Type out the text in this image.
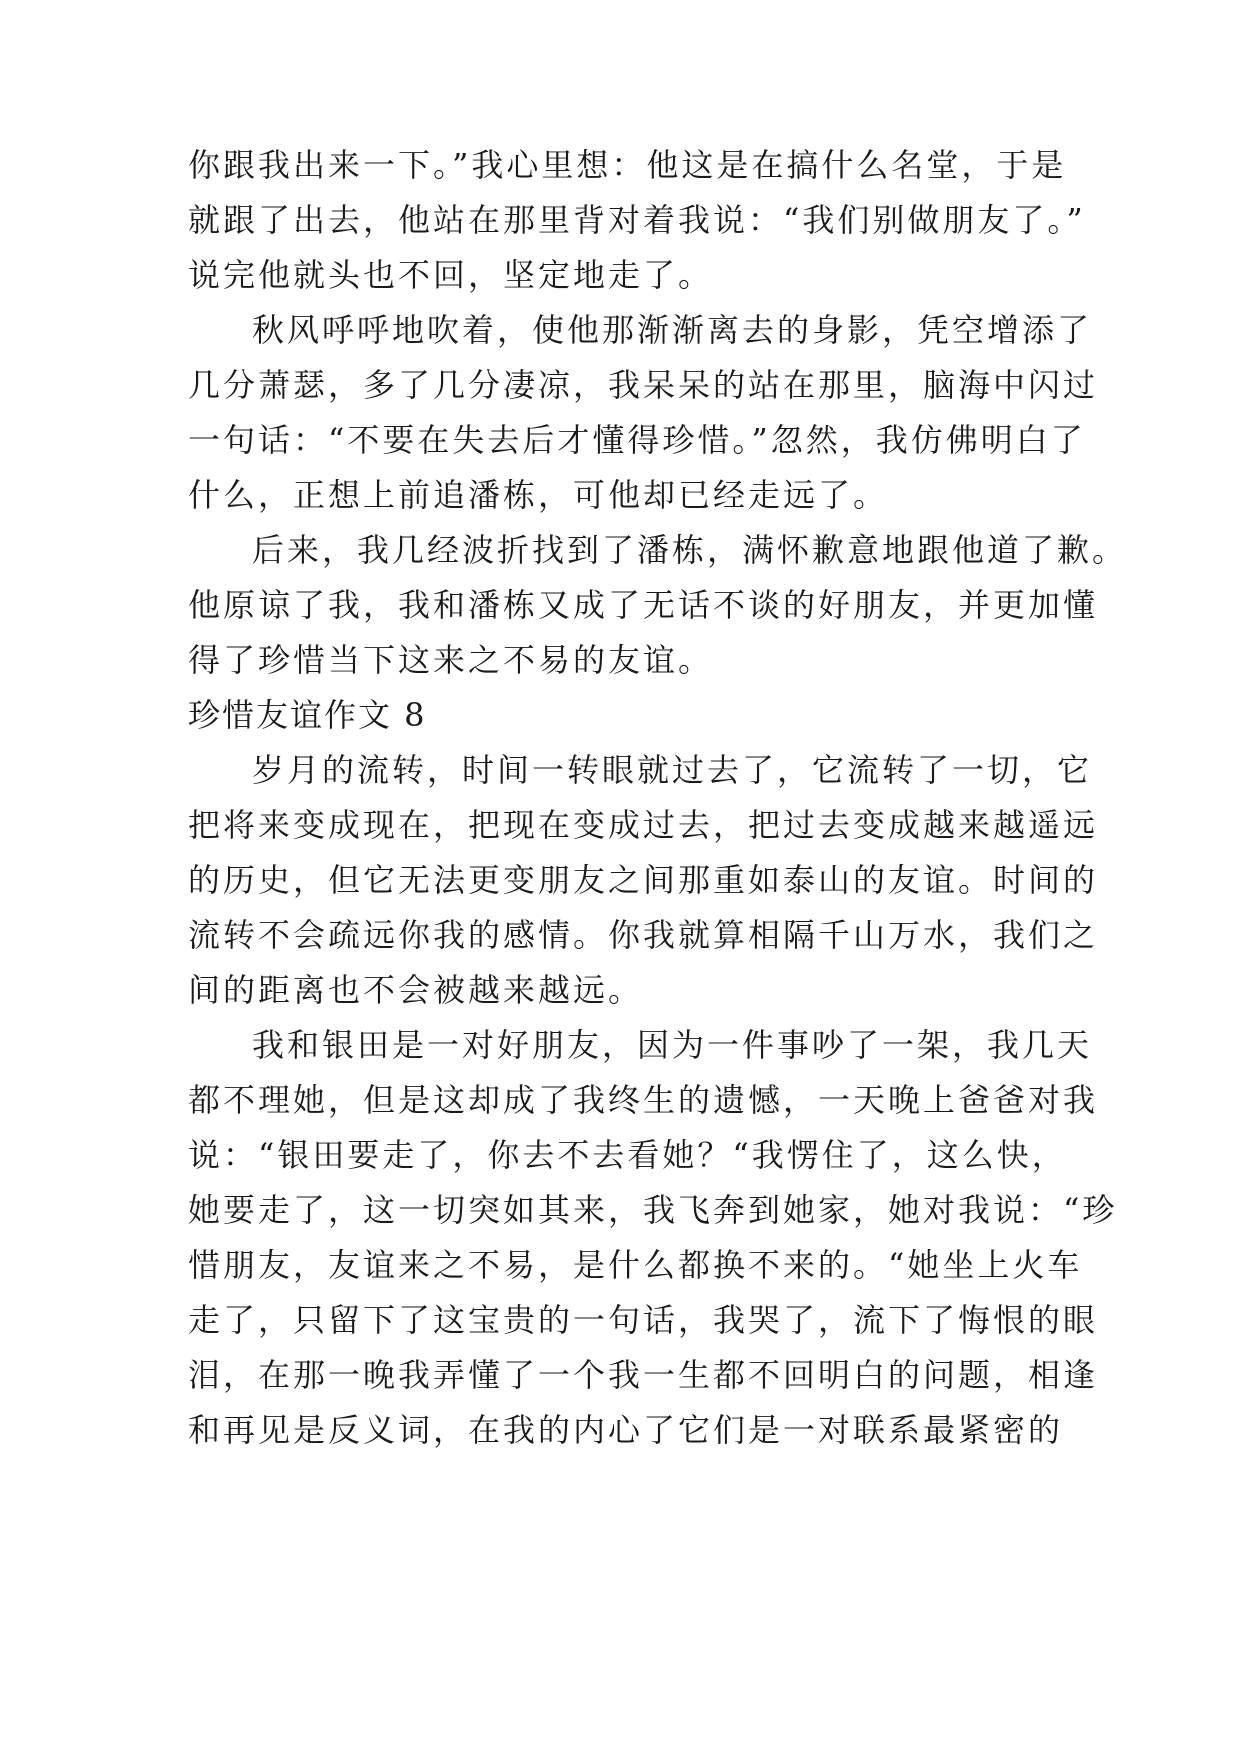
你跟我出来一下。”我心里想：他这是在搞什么名堂，于是
就跟了出去，他站在那里背对着我说：“我们别做朋友了。”
说完他就头也不回，坚定地走了。
秋风呼呼地吹着，使他那渐渐离去的身影，凭空增添了
几分萧瑟，多了几分凄凉，我呆呆的站在那里，脑海中闪过
一句话：“不要在失去后才懂得珍惜。”忽然，我仿佛明白了
什么，正想上前追潘栋，可他却已经走远了。
后来，我几经波折找到了潘栋，满怀歉意地跟他道了歉。
他原谅了我，我和潘栋又成了无话不谈的好朋友，并更加懂
得了珍惜当下这来之不易的友谊。
珍惜友谊作文 8
岁月的流转，时间一转眼就过去了，它流转了一切，它
把将来变成现在，把现在变成过去，把过去变成越来越遥远
的历史，但它无法更变朋友之间那重如泰山的友谊。时间的
流转不会疏远你我的感情。你我就算相隔千山万水，我们之
间的距离也不会被越来越远。
我和银田是一对好朋友，因为一件事吵了一架，我几天
都不理她，但是这却成了我终生的遗憾，一天晚上爸爸对我
说：“银田要走了，你去不去看她？“我愣住了，这么快，
她要走了，这一切突如其来，我飞奔到她家，她对我说：“珍
惜朋友，友谊来之不易，是什么都换不来的。“她坐上火车
走了，只留下了这宝贵的一句话，我哭了，流下了悔恨的眼
泪，在那一晚我弄懂了一个我一生都不回明白的问题，相逢
和再见是反义词，在我的内心了它们是一对联系最紧密的
